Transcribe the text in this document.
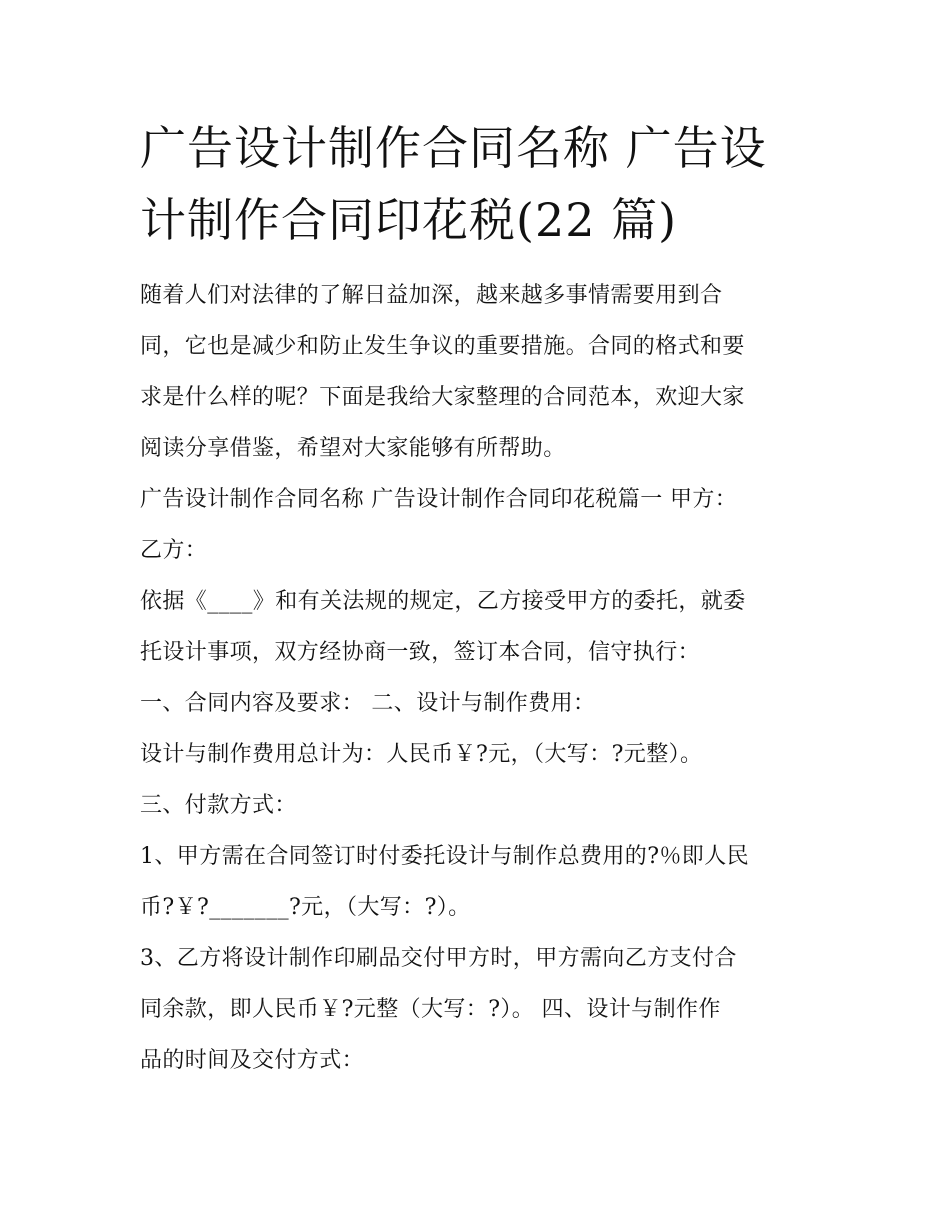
广告设计制作合同名称 广告设
计制作合同印花税(22 篇)

随着人们对法律的了解日益加深，越来越多事情需要用到合

同，它也是减少和防止发生争议的重要措施。合同的格式和要

求是什么样的呢？下面是我给大家整理的合同范本，欢迎大家

阅读分享借鉴，希望对大家能够有所帮助。

广告设计制作合同名称 广告设计制作合同印花税篇一 甲方：

乙方：

依据《____》和有关法规的规定，乙方接受甲方的委托，就委

托设计事项，双方经协商一致，签订本合同，信守执行：

一、合同内容及要求： 二、设计与制作费用：

设计与制作费用总计为：人民币￥?元，（大写：?元整）。

三、付款方式：

1、甲方需在合同签订时付委托设计与制作总费用的?％即人民

币?￥?_______?元，（大写：?）。

3、乙方将设计制作印刷品交付甲方时，甲方需向乙方支付合

同余款，即人民币￥?元整（大写：?）。 四、设计与制作作

品的时间及交付方式：
